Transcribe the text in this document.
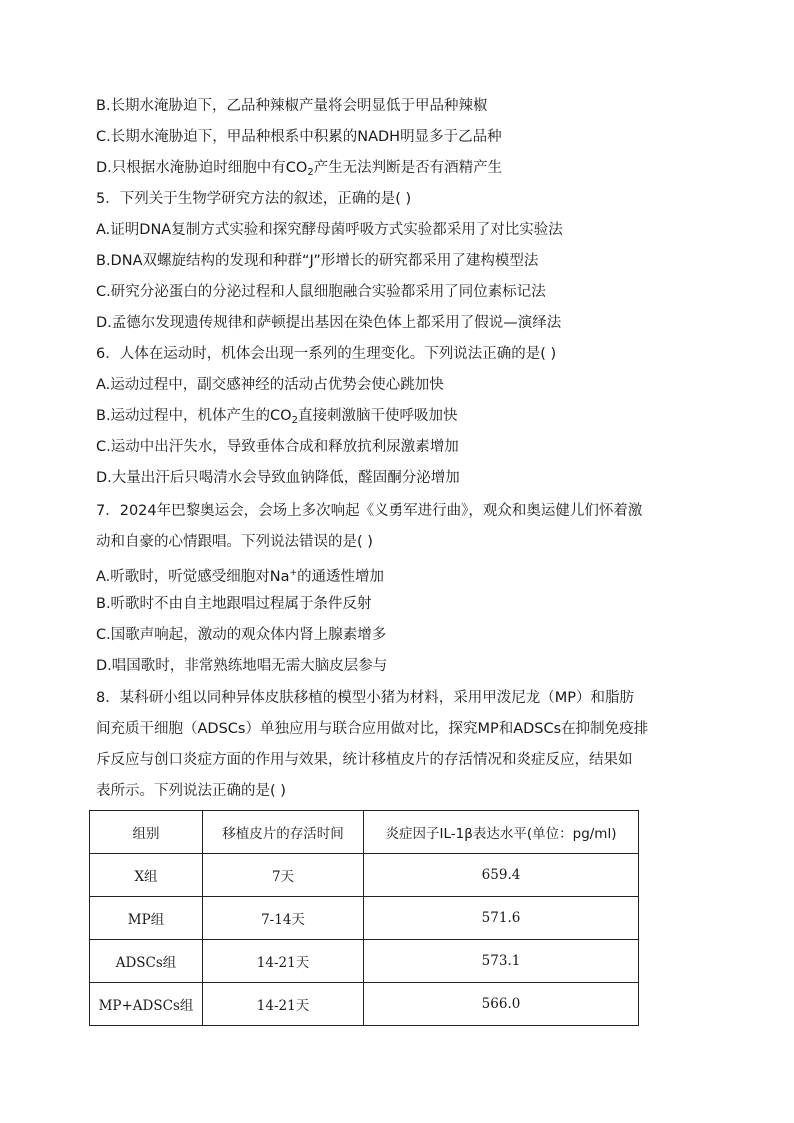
B.长期水淹胁迫下，乙品种辣椒产量将会明显低于甲品种辣椒
C.长期水淹胁迫下，甲品种根系中积累的NADH明显多于乙品种
D.只根据水淹胁迫时细胞中有$CO_2$产生无法判断是否有酒精产生
5．下列关于生物学研究方法的叙述，正确的是( )
A.证明DNA复制方式实验和探究酵母菌呼吸方式实验都采用了对比实验法
B.DNA双螺旋结构的发现和种群“J”形增长的研究都采用了建构模型法
C.研究分泌蛋白的分泌过程和人鼠细胞融合实验都采用了同位素标记法
D.孟德尔发现遗传规律和萨顿提出基因在染色体上都采用了假说—演绎法
6．人体在运动时，机体会出现一系列的生理变化。下列说法正确的是( )
A.运动过程中，副交感神经的活动占优势会使心跳加快
B.运动过程中，机体产生的$CO_2$直接刺激脑干使呼吸加快
C.运动中出汗失水，导致垂体合成和释放抗利尿激素增加
D.大量出汗后只喝清水会导致血钠降低，醛固酮分泌增加
7．2024年巴黎奥运会，会场上多次响起《义勇军进行曲》，观众和奥运健儿们怀着激
动和自豪的心情跟唱。下列说法错误的是( )
A.听歌时，听觉感受细胞对Na+的通透性增加
B.听歌时不由自主地跟唱过程属于条件反射
C.国歌声响起，激动的观众体内肾上腺素增多
D.唱国歌时，非常熟练地唱无需大脑皮层参与
8．某科研小组以同种异体皮肤移植的模型小猪为材料，采用甲泼尼龙（MP）和脂肪
间充质干细胞（ADSCs）单独应用与联合应用做对比，探究MP和ADSCs在抑制免疫排
斥反应与创口炎症方面的作用与效果，统计移植皮片的存活情况和炎症反应，结果如
表所示。下列说法正确的是( )
组别	移植皮片的存活时间	炎症因子IL-1β表达水平(单位：pg/ml)
X组	7天	659.4
MP组	7-14天	571.6
ADSCs组	14-21天	573.1
MP+ADSCs组	14-21天	566.0
